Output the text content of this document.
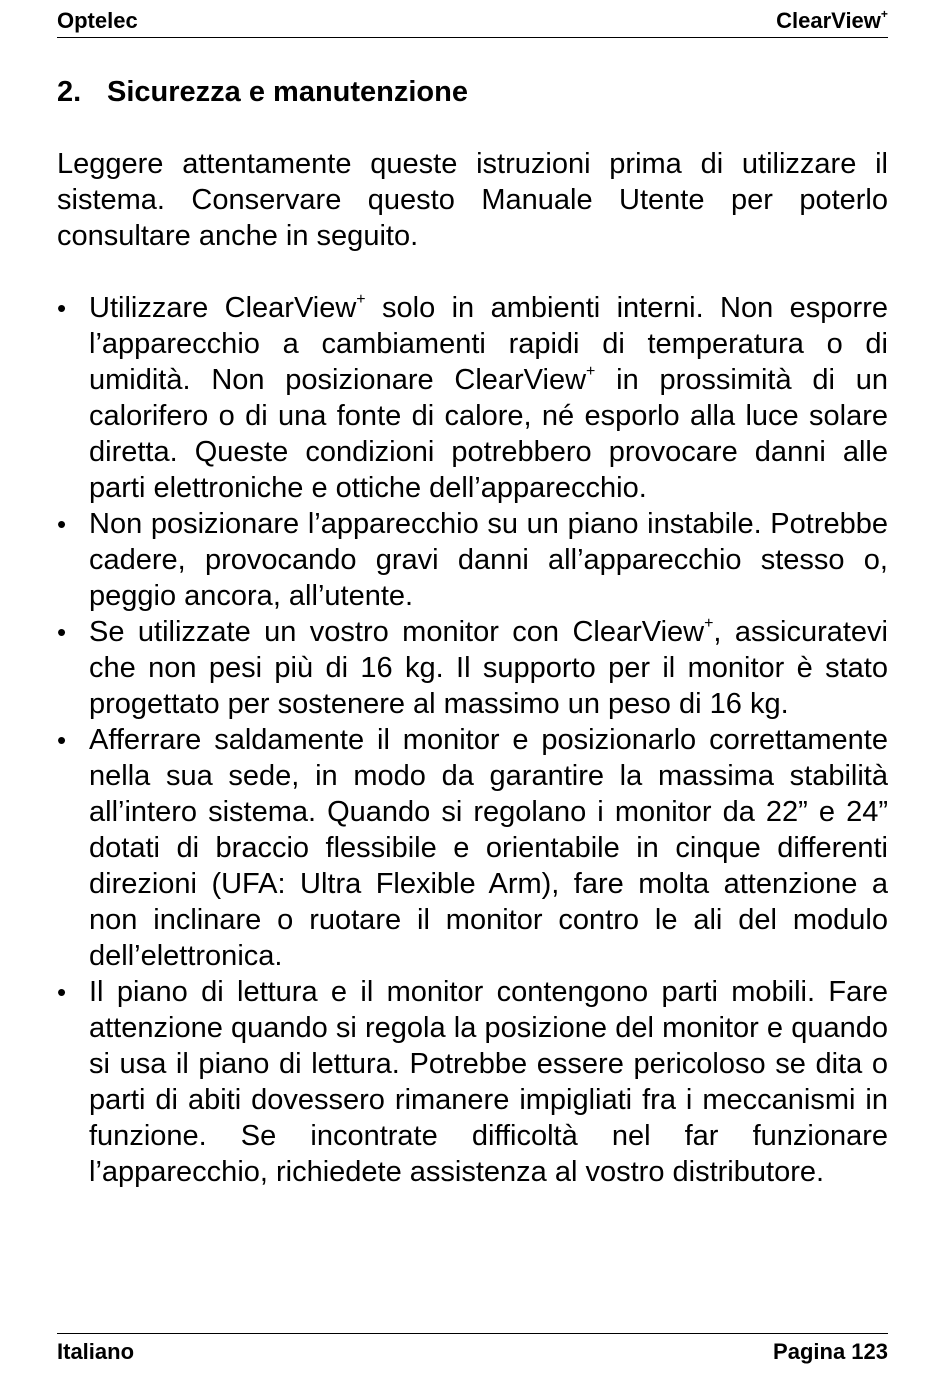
Optelec	ClearView+
2. Sicurezza e manutenzione

Leggere attentamente queste istruzioni prima di utilizzare il sistema. Conservare questo Manuale Utente per poterlo consultare anche in seguito.

• Utilizzare ClearView+ solo in ambienti interni. Non esporre l’apparecchio a cambiamenti rapidi di temperatura o di umidità. Non posizionare ClearView+ in prossimità di un calorifero o di una fonte di calore, né esporlo alla luce solare diretta. Queste condizioni potrebbero provocare danni alle parti elettroniche e ottiche dell’apparecchio.
• Non posizionare l’apparecchio su un piano instabile. Potrebbe cadere, provocando gravi danni all’apparecchio stesso o, peggio ancora, all’utente.
• Se utilizzate un vostro monitor con ClearView+, assicuratevi che non pesi più di 16 kg. Il supporto per il monitor è stato progettato per sostenere al massimo un peso di 16 kg.
• Afferrare saldamente il monitor e posizionarlo correttamente nella sua sede, in modo da garantire la massima stabilità all’intero sistema. Quando si regolano i monitor da 22” e 24” dotati di braccio flessibile e orientabile in cinque differenti direzioni (UFA: Ultra Flexible Arm), fare molta attenzione a non inclinare o ruotare il monitor contro le ali del modulo dell’elettronica.
• Il piano di lettura e il monitor contengono parti mobili. Fare attenzione quando si regola la posizione del monitor e quando si usa il piano di lettura. Potrebbe essere pericoloso se dita o parti di abiti dovessero rimanere impigliati fra i meccanismi in funzione. Se incontrate difficoltà nel far funzionare l’apparecchio, richiedete assistenza al vostro distributore.
Italiano	Pagina 123
